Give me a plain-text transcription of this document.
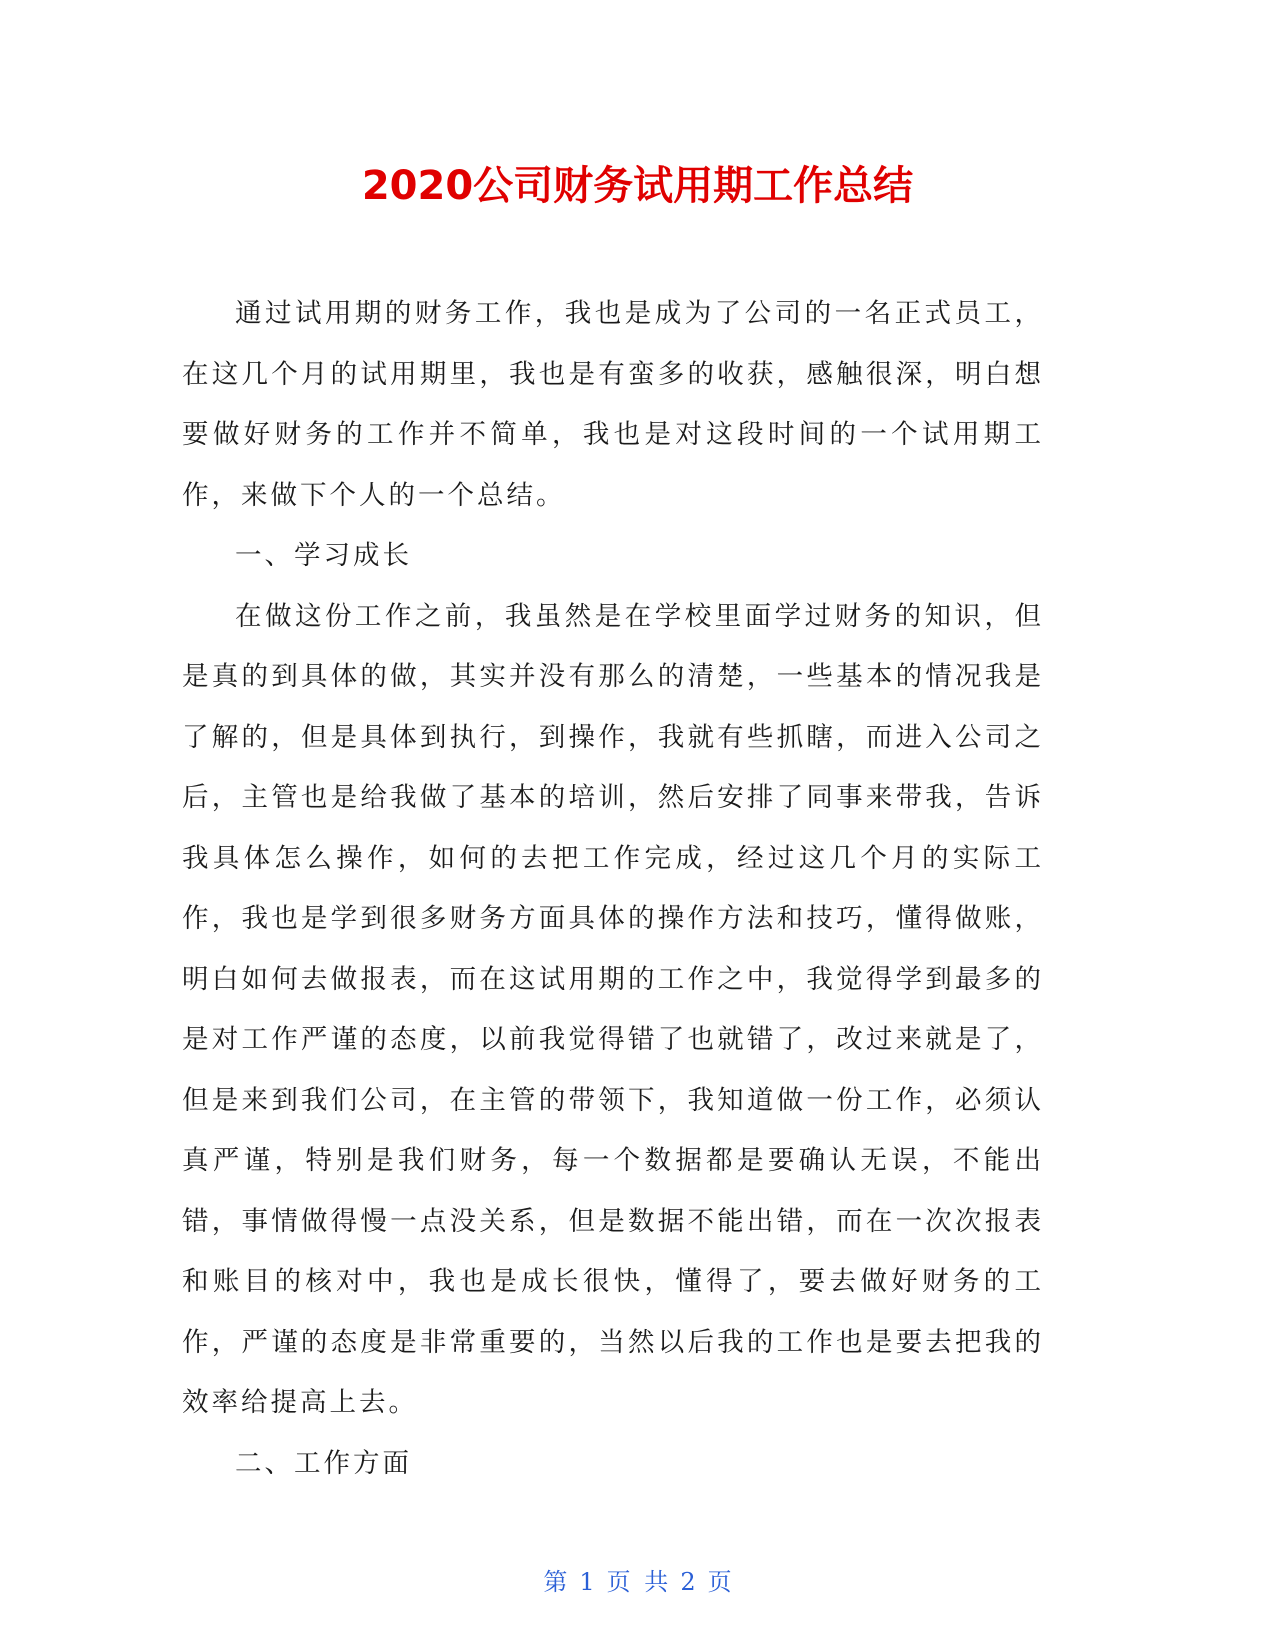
2020公司财务试用期工作总结

通过试用期的财务工作，我也是成为了公司的一名正式员工，在这几个月的试用期里，我也是有蛮多的收获，感触很深，明白想要做好财务的工作并不简单，我也是对这段时间的一个试用期工作，来做下个人的一个总结。

一、学习成长

在做这份工作之前，我虽然是在学校里面学过财务的知识，但是真的到具体的做，其实并没有那么的清楚，一些基本的情况我是了解的，但是具体到执行，到操作，我就有些抓瞎，而进入公司之后，主管也是给我做了基本的培训，然后安排了同事来带我，告诉我具体怎么操作，如何的去把工作完成，经过这几个月的实际工作，我也是学到很多财务方面具体的操作方法和技巧，懂得做账，明白如何去做报表，而在这试用期的工作之中，我觉得学到最多的是对工作严谨的态度，以前我觉得错了也就错了，改过来就是了，但是来到我们公司，在主管的带领下，我知道做一份工作，必须认真严谨，特别是我们财务，每一个数据都是要确认无误，不能出错，事情做得慢一点没关系，但是数据不能出错，而在一次次报表和账目的核对中，我也是成长很快，懂得了，要去做好财务的工作，严谨的态度是非常重要的，当然以后我的工作也是要去把我的效率给提高上去。

二、工作方面

第 1 页 共 2 页
